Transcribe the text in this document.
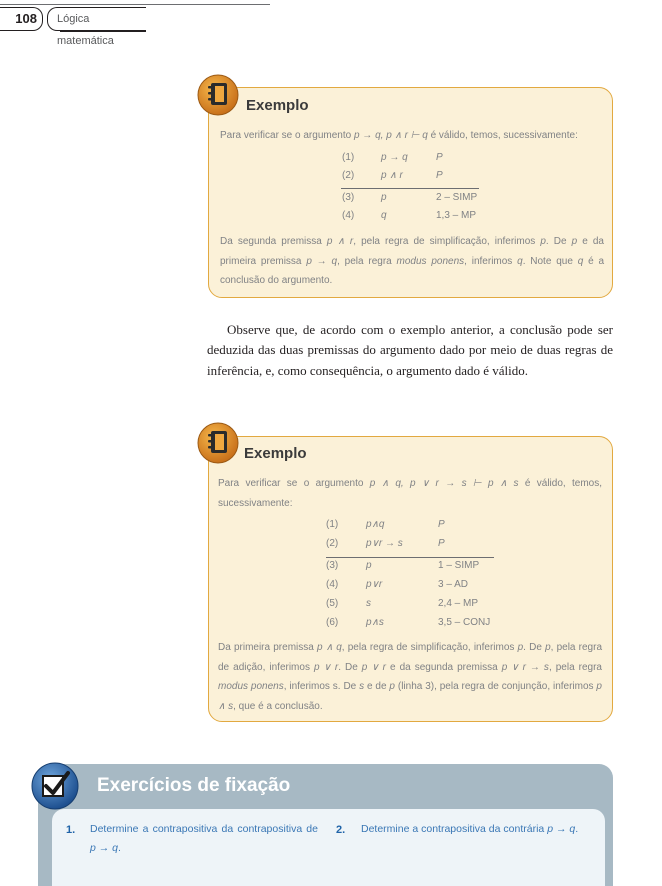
108	Lógica matemática
Exemplo
Para verificar se o argumento p → q, p ∧ r ⊢ q é válido, temos, sucessivamente:
(1)	p → q	P
(2)	p ∧ r	P
(3)	p	2 – SIMP
(4)	q	1,3 – MP
Da segunda premissa p ∧ r, pela regra de simplificação, inferimos p. De p e da primeira premissa p → q, pela regra modus ponens, inferimos q. Note que q é a conclusão do argumento.

Observe que, de acordo com o exemplo anterior, a conclusão pode ser deduzida das duas premissas do argumento dado por meio de duas regras de inferência, e, como consequência, o argumento dado é válido.

Exemplo
Para verificar se o argumento p ∧ q, p ∨ r → s ⊢ p ∧ s é válido, temos, sucessivamente:
(1)	p∧q	P
(2)	p∨r → s	P
(3)	p	1 – SIMP
(4)	p∨r	3 – AD
(5)	s	2,4 – MP
(6)	p∧s	3,5 – CONJ
Da primeira premissa p ∧ q, pela regra de simplificação, inferimos p. De p, pela regra de adição, inferimos p ∨ r. De p ∨ r e da segunda premissa p ∨ r → s, pela regra modus ponens, inferimos s. De s e de p (linha 3), pela regra de conjunção, inferimos p ∧ s, que é a conclusão.
Exercícios de fixação
1. Determine a contrapositiva da contrapositiva de p → q.
2. Determine a contrapositiva da contrária p → q.
